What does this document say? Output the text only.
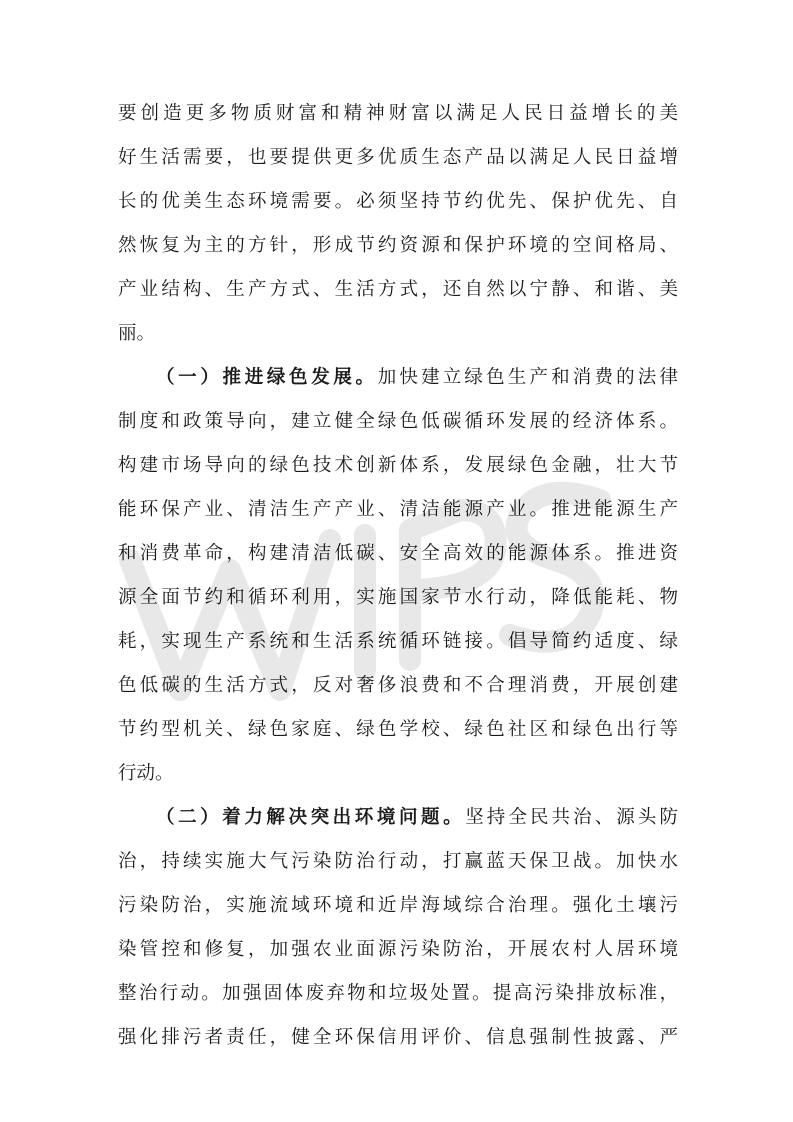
要创造更多物质财富和精神财富以满足人民日益增长的美
好生活需要，也要提供更多优质生态产品以满足人民日益增
长的优美生态环境需要。必须坚持节约优先、保护优先、自
然恢复为主的方针，形成节约资源和保护环境的空间格局、
产业结构、生产方式、生活方式，还自然以宁静、和谐、美
丽。
（一）推进绿色发展。加快建立绿色生产和消费的法律
制度和政策导向，建立健全绿色低碳循环发展的经济体系。
构建市场导向的绿色技术创新体系，发展绿色金融，壮大节
能环保产业、清洁生产产业、清洁能源产业。推进能源生产
和消费革命，构建清洁低碳、安全高效的能源体系。推进资
源全面节约和循环利用，实施国家节水行动，降低能耗、物
耗，实现生产系统和生活系统循环链接。倡导简约适度、绿
色低碳的生活方式，反对奢侈浪费和不合理消费，开展创建
节约型机关、绿色家庭、绿色学校、绿色社区和绿色出行等
行动。
（二）着力解决突出环境问题。坚持全民共治、源头防
治，持续实施大气污染防治行动，打赢蓝天保卫战。加快水
污染防治，实施流域环境和近岸海域综合治理。强化土壤污
染管控和修复，加强农业面源污染防治，开展农村人居环境
整治行动。加强固体废弃物和垃圾处置。提高污染排放标准，
强化排污者责任，健全环保信用评价、信息强制性披露、严
